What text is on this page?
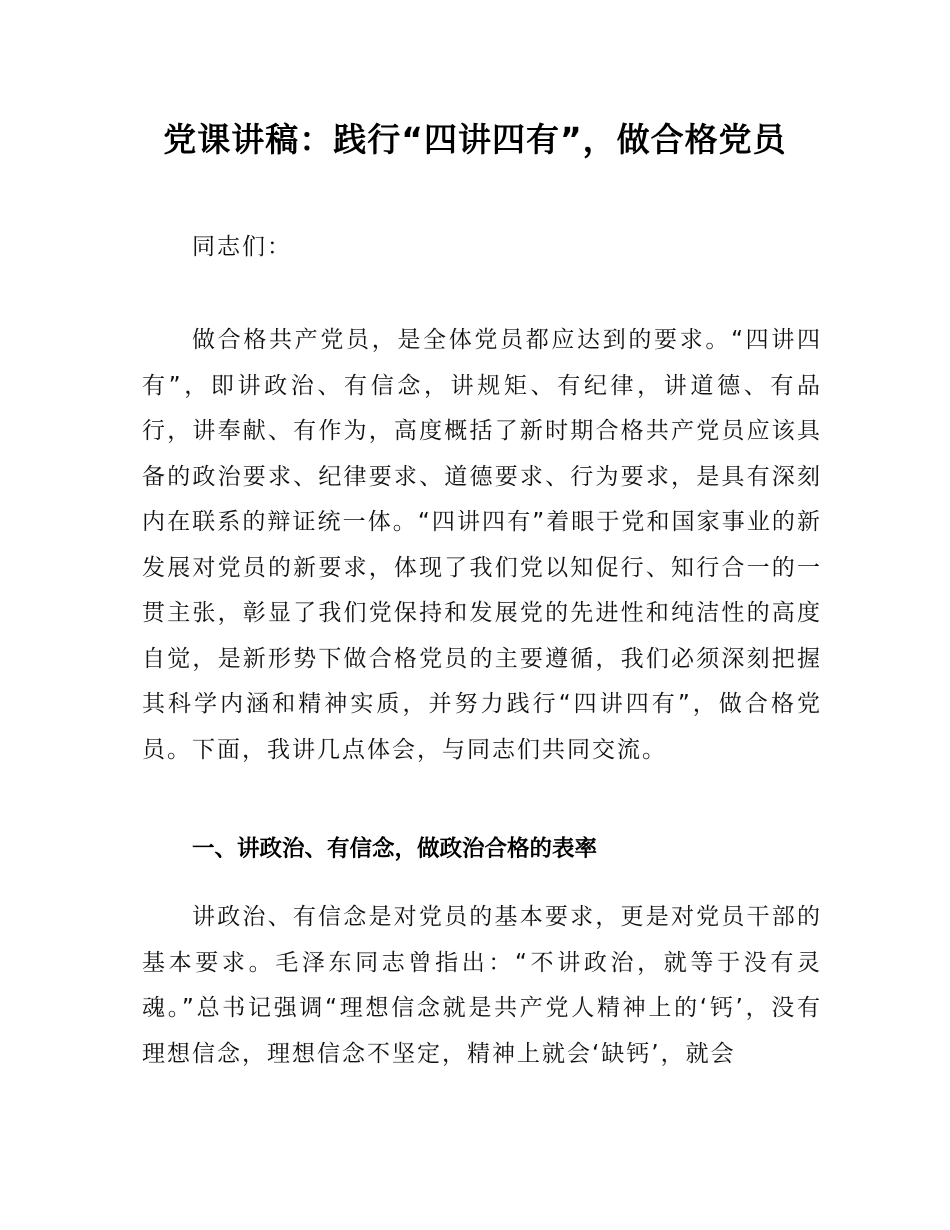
党课讲稿：践行“四讲四有”，做合格党员

同志们：

做合格共产党员，是全体党员都应达到的要求。“四讲四有”，即讲政治、有信念，讲规矩、有纪律，讲道德、有品行，讲奉献、有作为，高度概括了新时期合格共产党员应该具备的政治要求、纪律要求、道德要求、行为要求，是具有深刻内在联系的辩证统一体。“四讲四有”着眼于党和国家事业的新发展对党员的新要求，体现了我们党以知促行、知行合一的一贯主张，彰显了我们党保持和发展党的先进性和纯洁性的高度自觉，是新形势下做合格党员的主要遵循，我们必须深刻把握其科学内涵和精神实质，并努力践行“四讲四有”，做合格党员。下面，我讲几点体会，与同志们共同交流。

一、讲政治、有信念，做政治合格的表率

讲政治、有信念是对党员的基本要求，更是对党员干部的基本要求。毛泽东同志曾指出：“不讲政治，就等于没有灵魂。”总书记强调“理想信念就是共产党人精神上的‘钙’，没有理想信念，理想信念不坚定，精神上就会‘缺钙’，就会
